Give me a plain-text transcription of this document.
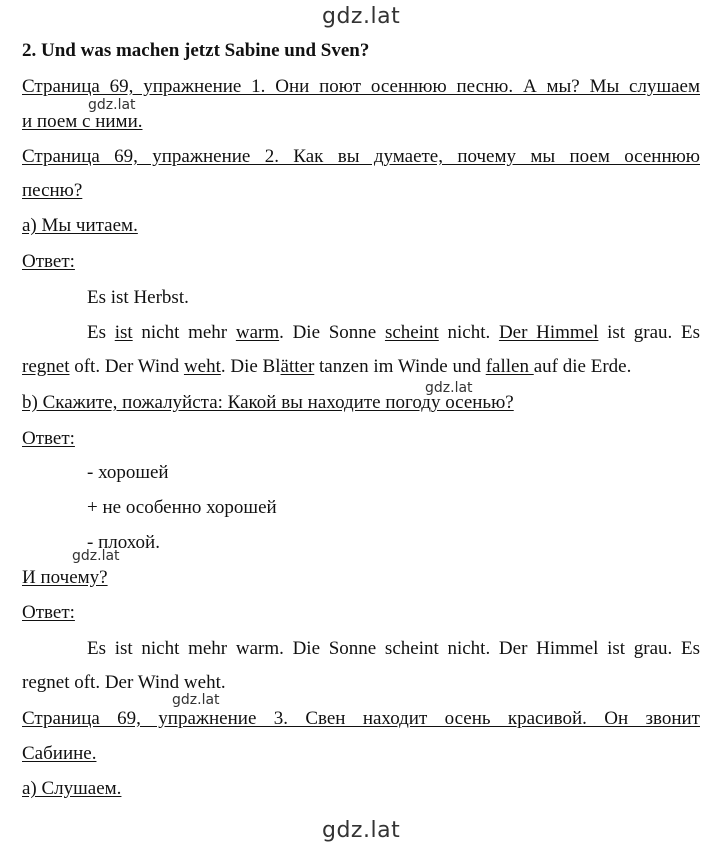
gdz.lat
gdz.lat
gdz.lat
gdz.lat
gdz.lat
gdz.lat
2. Und was machen jetzt Sabine und Sven?
Страница 69, упражнение 1. Они поют осеннюю песню. А мы? Мы слушаем
и поем с ними.
Страница 69, упражнение 2. Как вы думаете, почему мы поем осеннюю
песню?
а) Мы читаем.
Ответ:
Es ist Herbst.
Es ist nicht mehr warm. Die Sonne scheint nicht. Der Himmel ist grau. Es
regnet oft. Der Wind weht. Die Blätter tanzen im Winde und fallen auf die Erde.
b) Скажите, пожалуйста: Какой вы находите погоду осенью?
Ответ:
- хорошей
+ не особенно хорошей
- плохой.
И почему?
Ответ:
Es ist nicht mehr warm. Die Sonne scheint nicht. Der Himmel ist grau. Es
regnet oft. Der Wind weht.
Страница 69, упражнение 3. Свен находит осень красивой. Он звонит
Сабиине.
а) Слушаем.
